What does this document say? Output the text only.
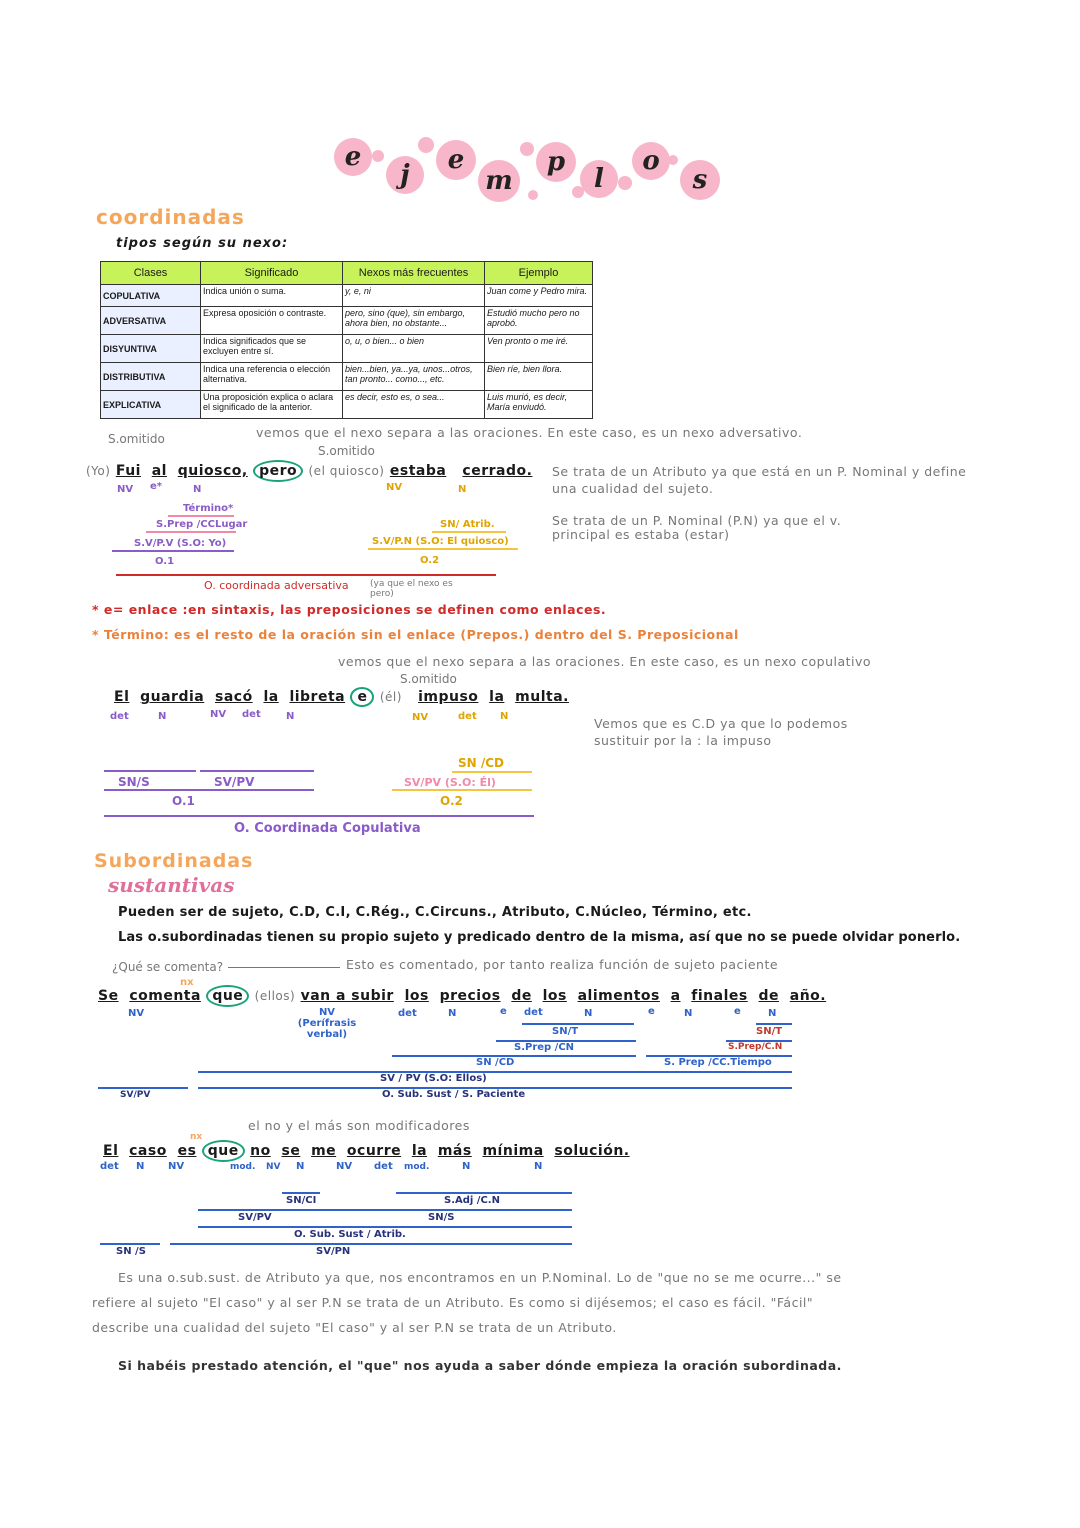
e
j	e
m
p
l
o
s
coordinadas
tipos según su nexo:
Clases	Significado	Nexos más frecuentes	Ejemplo
COPULATIVA	Indica unión o suma.	y, e, ni	Juan come y Pedro mira.
ADVERSATIVA	Expresa oposición o contraste.	pero, sino (que), sin embargo, ahora bien, no obstante...	Estudió mucho pero no aprobó.
DISYUNTIVA	Indica significados que se excluyen entre sí.	o, u, o bien... o bien	Ven pronto o me iré.
DISTRIBUTIVA	Indica una referencia o elección alternativa.	bien...bien, ya...ya, unos...otros, tan pronto... como..., etc.	Bien ríe, bien llora.
EXPLICATIVA	Una proposición explica o aclara el significado de la anterior.	es decir, esto es, o sea...	Luis murió, es decir, María enviudó.
S.omitido	vemos que el nexo separa a las oraciones. En este caso, es un nexo adversativo.
S.omitido
(Yo) Fui al quiosco, pero (el quiosco) estaba cerrado.
NV e*	N	NV	N
Término*
S.Prep /CCLugar
S.V/P.V (S.O: Yo)
O.1
SN/ Atrib.
S.V/P.N (S.O: El quiosco)
O.2
O. coordinada adversativa (ya que el nexo es pero)
Se trata de un Atributo ya que está en un P. Nominal y define una cualidad del sujeto.
Se trata de un P. Nominal (P.N) ya que el v. principal es estaba (estar)
* e= enlace :en sintaxis, las preposiciones se definen como enlaces.
* Término: es el resto de la oración sin el enlace (Prepos.) dentro del S. Preposicional
vemos que el nexo separa a las oraciones. En este caso, es un nexo copulativo
S.omitido
El guardia sacó la libreta e (él) impuso la multa.
det	N	NV det	N	NV	det N
SN /CD
SV/PV (S.O: Él)
O.2
SN/S	SV/PV
O.1
O. Coordinada Copulativa
Vemos que es C.D ya que lo podemos sustituir por la : la impuso
Subordinadas
sustantivas
Pueden ser de sujeto, C.D, C.I, C.Rég., C.Circuns., Atributo, C.Núcleo, Término, etc.
Las o.subordinadas tienen su propio sujeto y predicado dentro de la misma, así que no se puede olvidar ponerlo.
¿Qué se comenta?	Esto es comentado, por tanto realiza función de sujeto paciente
nx
Se comenta que (ellos) van a subir los precios de los alimentos a finales de año.
NV	NV (Perífrasis verbal)
det	N	e det	N	e	N	e	N
SN/T	SN/T
S.Prep /CN	S.Prep/C.N
SN /CD	S. Prep /CC.Tiempo
SV / PV (S.O: Ellos)
O. Sub. Sust / S. Paciente
SV/PV
el no y el más son modificadores
nx
El caso es que no se me ocurre la más mínima solución.
det N NV	mod. NV N	NV det mod.	N	N
SN/CI	S.Adj /C.N
SV/PV	SN/S
O. Sub. Sust / Atrib.
SN /S	SV/PN
Es una o.sub.sust. de Atributo ya que, nos encontramos en un P.Nominal. Lo de "que no se me ocurre..." se
refiere al sujeto "El caso" y al ser P.N se trata de un Atributo. Es como si dijésemos; el caso es fácil. "Fácil"
describe una cualidad del sujeto "El caso" y al ser P.N se trata de un Atributo.
Si habéis prestado atención, el "que" nos ayuda a saber dónde empieza la oración subordinada.
